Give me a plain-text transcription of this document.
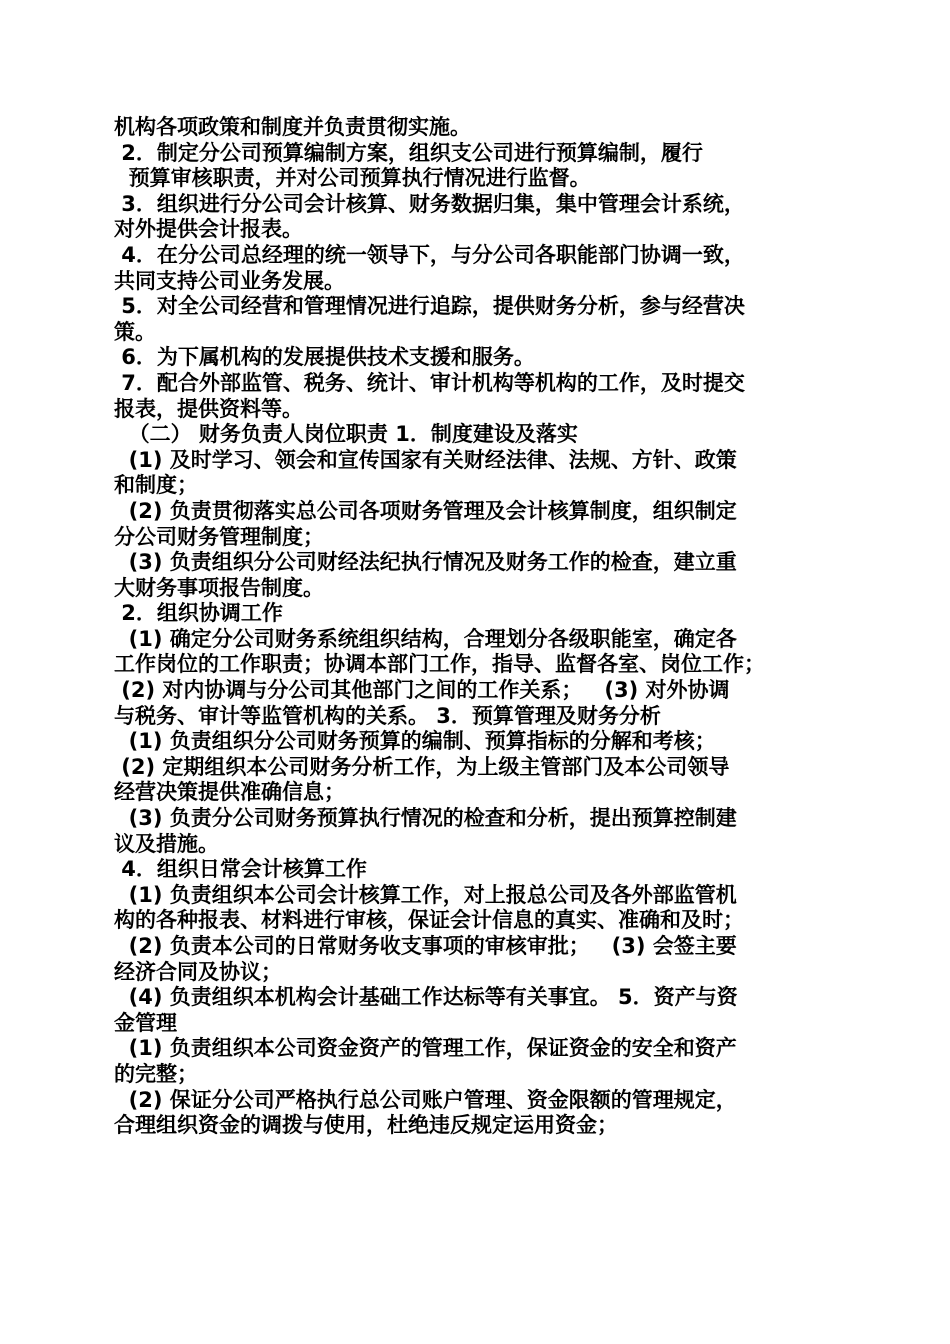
机构各项政策和制度并负责贯彻实施。
2．制定分公司预算编制方案，组织支公司进行预算编制，履行
预算审核职责，并对公司预算执行情况进行监督。
3．组织进行分公司会计核算、财务数据归集，集中管理会计系统，
对外提供会计报表。
4．在分公司总经理的统一领导下，与分公司各职能部门协调一致，
共同支持公司业务发展。
5．对全公司经营和管理情况进行追踪，提供财务分析，参与经营决
策。
6．为下属机构的发展提供技术支援和服务。
7．配合外部监管、税务、统计、审计机构等机构的工作，及时提交
报表，提供资料等。
（二） 财务负责人岗位职责 1．制度建设及落实
(1) 及时学习、领会和宣传国家有关财经法律、法规、方针、政策
和制度；
(2) 负责贯彻落实总公司各项财务管理及会计核算制度，组织制定
分公司财务管理制度；
(3) 负责组织分公司财经法纪执行情况及财务工作的检查，建立重
大财务事项报告制度。
2．组织协调工作
(1) 确定分公司财务系统组织结构，合理划分各级职能室，确定各
工作岗位的工作职责；协调本部门工作，指导、监督各室、岗位工作；
(2) 对内协调与分公司其他部门之间的工作关系；   (3) 对外协调
与税务、审计等监管机构的关系。 3．预算管理及财务分析
(1) 负责组织分公司财务预算的编制、预算指标的分解和考核；
(2) 定期组织本公司财务分析工作，为上级主管部门及本公司领导
经营决策提供准确信息；
(3) 负责分公司财务预算执行情况的检查和分析，提出预算控制建
议及措施。
4．组织日常会计核算工作
(1) 负责组织本公司会计核算工作，对上报总公司及各外部监管机
构的各种报表、材料进行审核，保证会计信息的真实、准确和及时；
(2) 负责本公司的日常财务收支事项的审核审批；   (3) 会签主要
经济合同及协议；
(4) 负责组织本机构会计基础工作达标等有关事宜。 5．资产与资
金管理
(1) 负责组织本公司资金资产的管理工作，保证资金的安全和资产
的完整；
(2) 保证分公司严格执行总公司账户管理、资金限额的管理规定，
合理组织资金的调拨与使用，杜绝违反规定运用资金；
